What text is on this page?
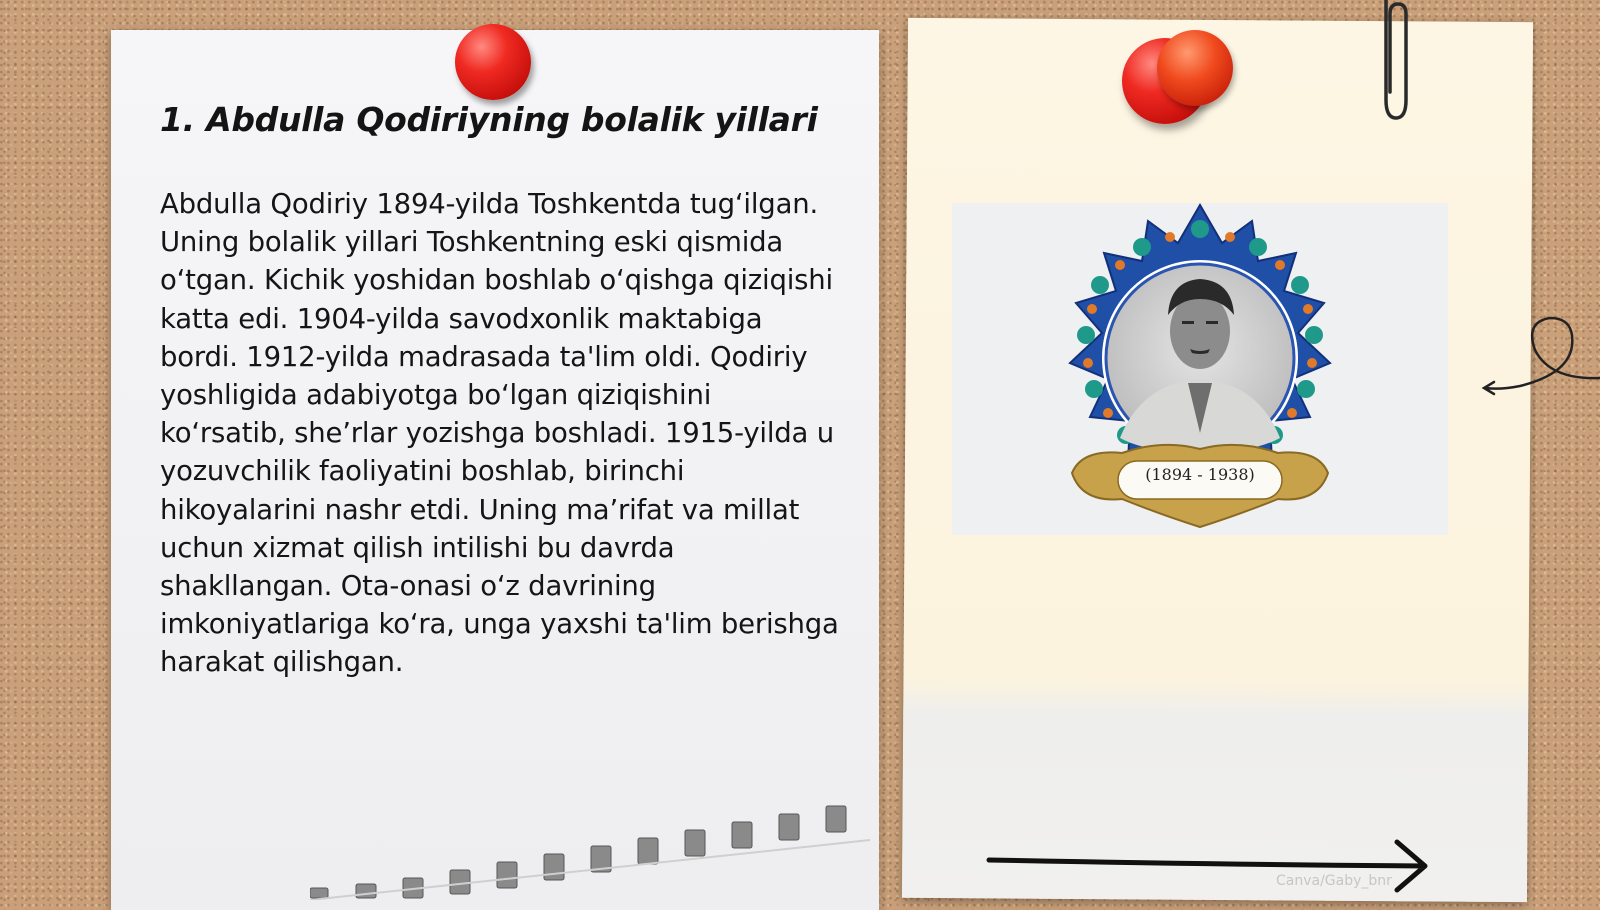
1. Abdulla Qodiriyning bolalik yillari

Abdulla Qodiriy 1894-yilda Toshkentda tug‘ilgan. Uning bolalik yillari Toshkentning eski qismida o‘tgan. Kichik yoshidan boshlab o‘qishga qiziqishi katta edi. 1904-yilda savodxonlik maktabiga bordi. 1912-yilda madrasada ta'lim oldi. Qodiriy yoshligida adabiyotga bo‘lgan qiziqishini ko‘rsatib, she’rlar yozishga boshladi. 1915-yilda u yozuvchilik faoliyatini boshlab, birinchi hikoyalarini nashr etdi. Uning ma’rifat va millat uchun xizmat qilish intilishi bu davrda shakllangan. Ota-onasi o‘z davrining imkoniyatlariga ko‘ra, unga yaxshi ta'lim berishga harakat qilishgan.

(1894 - 1938)
Canva/Gaby_bnr
